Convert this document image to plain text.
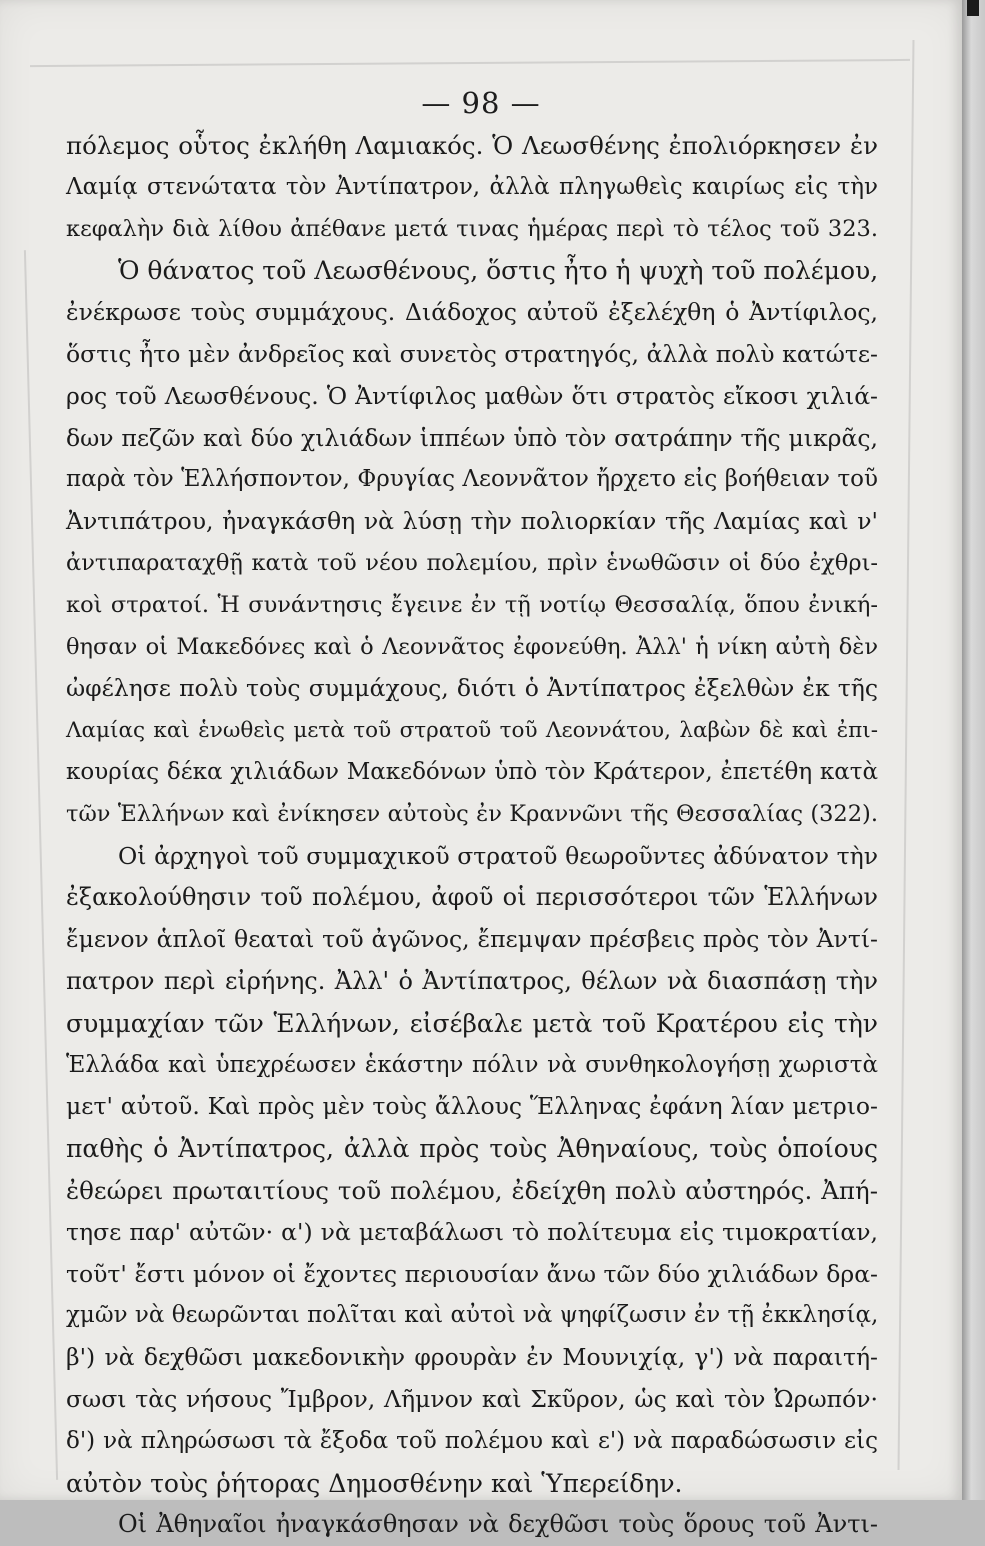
— 98 —
πόλεμος οὗτος ἐκλήθη Λαμιακός. Ὁ Λεωσθένης ἐπολιόρκησεν ἐν
Λαμίᾳ στενώτατα τὸν Ἀντίπατρον, ἀλλὰ πληγωθεὶς καιρίως εἰς τὴν
κεφαλὴν διὰ λίθου ἀπέθανε μετά τινας ἡμέρας περὶ τὸ τέλος τοῦ 323.
Ὁ θάνατος τοῦ Λεωσθένους, ὅστις ἦτο ἡ ψυχὴ τοῦ πολέμου,
ἐνέκρωσε τοὺς συμμάχους. Διάδοχος αὐτοῦ ἐξελέχθη ὁ Ἀντίφιλος,
ὅστις ἦτο μὲν ἀνδρεῖος καὶ συνετὸς στρατηγός, ἀλλὰ πολὺ κατώτε-
ρος τοῦ Λεωσθένους. Ὁ Ἀντίφιλος μαθὼν ὅτι στρατὸς εἴκοσι χιλιά-
δων πεζῶν καὶ δύο χιλιάδων ἱππέων ὑπὸ τὸν σατράπην τῆς μικρᾶς,
παρὰ τὸν Ἑλλήσποντον, Φρυγίας Λεοννᾶτον ἤρχετο εἰς βοήθειαν τοῦ
Ἀντιπάτρου, ἠναγκάσθη νὰ λύσῃ τὴν πολιορκίαν τῆς Λαμίας καὶ ν'
ἀντιπαραταχθῇ κατὰ τοῦ νέου πολεμίου, πρὶν ἑνωθῶσιν οἱ δύο ἐχθρι-
κοὶ στρατοί. Ἡ συνάντησις ἔγεινε ἐν τῇ νοτίῳ Θεσσαλίᾳ, ὅπου ἐνική-
θησαν οἱ Μακεδόνες καὶ ὁ Λεοννᾶτος ἐφονεύθη. Ἀλλ' ἡ νίκη αὐτὴ δὲν
ὠφέλησε πολὺ τοὺς συμμάχους, διότι ὁ Ἀντίπατρος ἐξελθὼν ἐκ τῆς
Λαμίας καὶ ἑνωθεὶς μετὰ τοῦ στρατοῦ τοῦ Λεοννάτου, λαβὼν δὲ καὶ ἐπι-
κουρίας δέκα χιλιάδων Μακεδόνων ὑπὸ τὸν Κράτερον, ἐπετέθη κατὰ
τῶν Ἑλλήνων καὶ ἐνίκησεν αὐτοὺς ἐν Κραννῶνι τῆς Θεσσαλίας (322).
Οἱ ἀρχηγοὶ τοῦ συμμαχικοῦ στρατοῦ θεωροῦντες ἀδύνατον τὴν
ἐξακολούθησιν τοῦ πολέμου, ἀφοῦ οἱ περισσότεροι τῶν Ἑλλήνων
ἔμενον ἁπλοῖ θεαταὶ τοῦ ἀγῶνος, ἔπεμψαν πρέσβεις πρὸς τὸν Ἀντί-
πατρον περὶ εἰρήνης. Ἀλλ' ὁ Ἀντίπατρος, θέλων νὰ διασπάσῃ τὴν
συμμαχίαν τῶν Ἑλλήνων, εἰσέβαλε μετὰ τοῦ Κρατέρου εἰς τὴν
Ἑλλάδα καὶ ὑπεχρέωσεν ἑκάστην πόλιν νὰ συνθηκολογήσῃ χωριστὰ
μετ' αὐτοῦ. Καὶ πρὸς μὲν τοὺς ἄλλους Ἕλληνας ἐφάνη λίαν μετριο-
παθὴς ὁ Ἀντίπατρος, ἀλλὰ πρὸς τοὺς Ἀθηναίους, τοὺς ὁποίους
ἐθεώρει πρωταιτίους τοῦ πολέμου, ἐδείχθη πολὺ αὐστηρός. Ἀπή-
τησε παρ' αὐτῶν· α') νὰ μεταβάλωσι τὸ πολίτευμα εἰς τιμοκρατίαν,
τοῦτ' ἔστι μόνον οἱ ἔχοντες περιουσίαν ἄνω τῶν δύο χιλιάδων δρα-
χμῶν νὰ θεωρῶνται πολῖται καὶ αὐτοὶ νὰ ψηφίζωσιν ἐν τῇ ἐκκλησίᾳ,
β') νὰ δεχθῶσι μακεδονικὴν φρουρὰν ἐν Μουνιχίᾳ, γ') νὰ παραιτή-
σωσι τὰς νήσους Ἴμβρον, Λῆμνον καὶ Σκῦρον, ὡς καὶ τὸν Ὠρωπόν·
δ') νὰ πληρώσωσι τὰ ἔξοδα τοῦ πολέμου καὶ ε') νὰ παραδώσωσιν εἰς
αὐτὸν τοὺς ῥήτορας Δημοσθένην καὶ Ὑπερείδην.
Οἱ Ἀθηναῖοι ἠναγκάσθησαν νὰ δεχθῶσι τοὺς ὅρους τοῦ Ἀντι-
